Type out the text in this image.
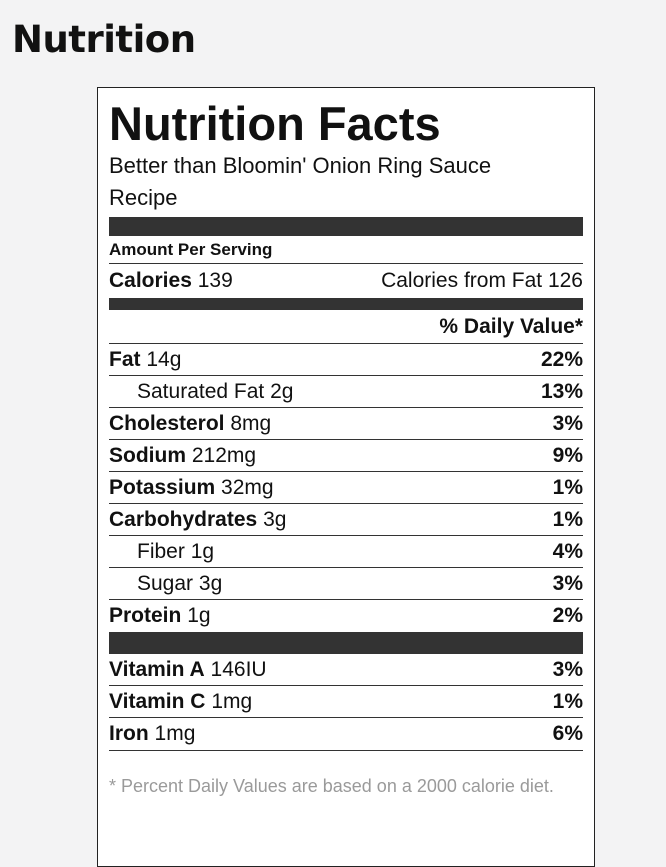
Nutrition
Nutrition Facts
Better than Bloomin' Onion Ring Sauce
Recipe
Amount Per Serving
Calories 139	Calories from Fat 126
% Daily Value*
Fat 14g	22%
Saturated Fat 2g	13%
Cholesterol 8mg	3%
Sodium 212mg	9%
Potassium 32mg	1%
Carbohydrates 3g	1%
Fiber 1g	4%
Sugar 3g	3%
Protein 1g	2%
Vitamin A 146IU	3%
Vitamin C 1mg	1%
Iron 1mg	6%
* Percent Daily Values are based on a 2000 calorie diet.
